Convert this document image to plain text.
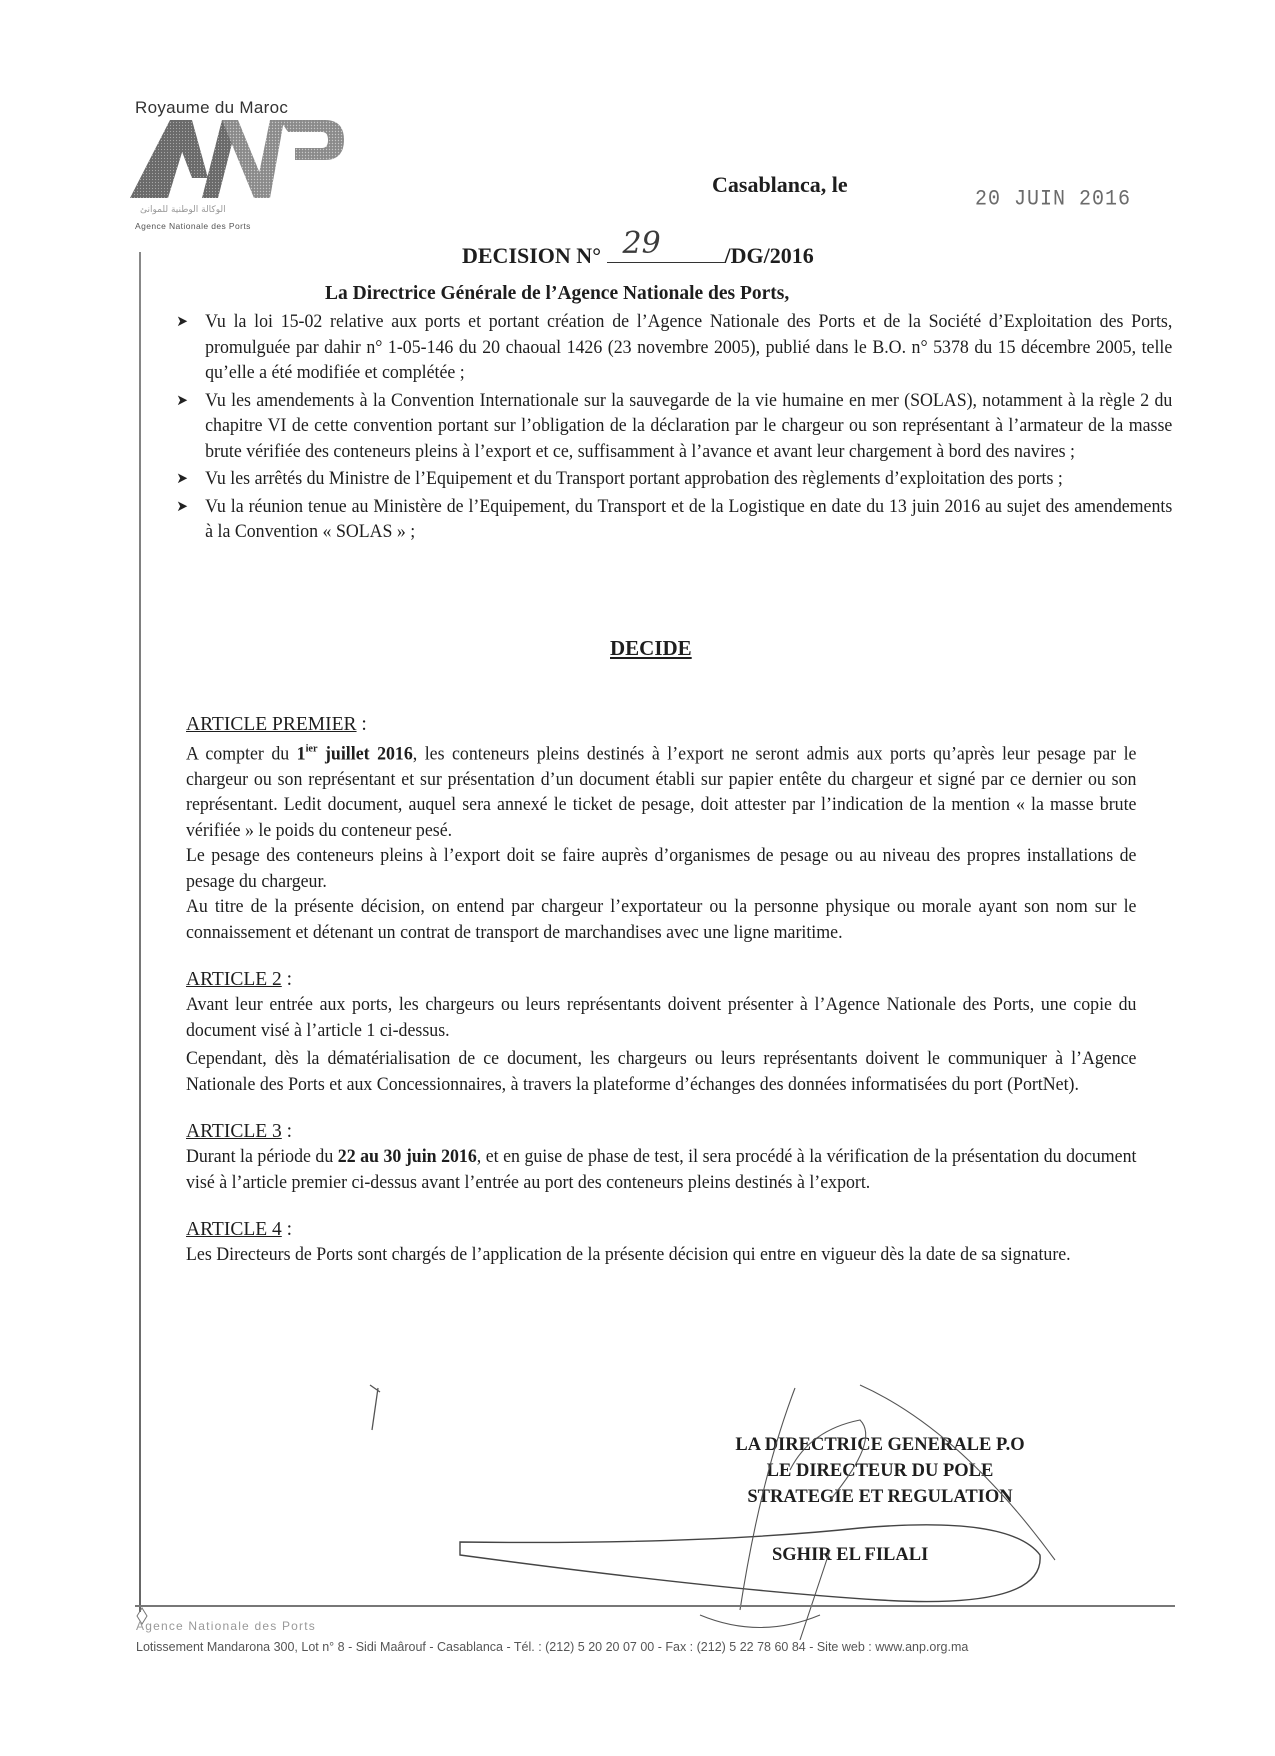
Royaume du Maroc
الوكالة الوطنية للموانئ
Agence Nationale des Ports
Casablanca, le
20 JUIN 2016
DECISION N° 29	/DG/2016
La Directrice Générale de l’Agence Nationale des Ports,
➤ Vu la loi 15-02 relative aux ports et portant création de l’Agence Nationale des Ports et de la Société d’Exploitation des Ports, promulguée par dahir n° 1-05-146 du 20 chaoual 1426 (23 novembre 2005), publié dans le B.O. n° 5378 du 15 décembre 2005, telle qu’elle a été modifiée et complétée ;
➤ Vu les amendements à la Convention Internationale sur la sauvegarde de la vie humaine en mer (SOLAS), notamment à la règle 2 du chapitre VI de cette convention portant sur l’obligation de la déclaration par le chargeur ou son représentant à l’armateur de la masse brute vérifiée des conteneurs pleins à l’export et ce, suffisamment à l’avance et avant leur chargement à bord des navires ;
➤ Vu les arrêtés du Ministre de l’Equipement et du Transport portant approbation des règlements d’exploitation des ports ;
➤ Vu la réunion tenue au Ministère de l’Equipement, du Transport et de la Logistique en date du 13 juin 2016 au sujet des amendements à la Convention « SOLAS » ;
DECIDE
ARTICLE PREMIER :
A compter du $1^{ier}$ juillet 2016, les conteneurs pleins destinés à l’export ne seront admis aux ports qu’après leur pesage par le chargeur ou son représentant et sur présentation d’un document établi sur papier entête du chargeur et signé par ce dernier ou son représentant. Ledit document, auquel sera annexé le ticket de pesage, doit attester par l’indication de la mention « la masse brute vérifiée » le poids du conteneur pesé.
Le pesage des conteneurs pleins à l’export doit se faire auprès d’organismes de pesage ou au niveau des propres installations de pesage du chargeur.
Au titre de la présente décision, on entend par chargeur l’exportateur ou la personne physique ou morale ayant son nom sur le connaissement et détenant un contrat de transport de marchandises avec une ligne maritime.
ARTICLE 2 :
Avant leur entrée aux ports, les chargeurs ou leurs représentants doivent présenter à l’Agence Nationale des Ports, une copie du document visé à l’article 1 ci-dessus.
Cependant, dès la dématérialisation de ce document, les chargeurs ou leurs représentants doivent le communiquer à l’Agence Nationale des Ports et aux Concessionnaires, à travers la plateforme d’échanges des données informatisées du port (PortNet).
ARTICLE 3 :
Durant la période du 22 au 30 juin 2016, et en guise de phase de test, il sera procédé à la vérification de la présentation du document visé à l’article premier ci-dessus avant l’entrée au port des conteneurs pleins destinés à l’export.
ARTICLE 4 :
Les Directeurs de Ports sont chargés de l’application de la présente décision qui entre en vigueur dès la date de sa signature.
LA DIRECTRICE GENERALE P.O
LE DIRECTEUR DU POLE
STRATEGIE ET REGULATION
SGHIR EL FILALI
Agence Nationale des Ports
Lotissement Mandarona 300, Lot n° 8 - Sidi Maârouf - Casablanca - Tél. : (212) 5 20 20 07 00 - Fax : (212) 5 22 78 60 84 - Site web : www.anp.org.ma
